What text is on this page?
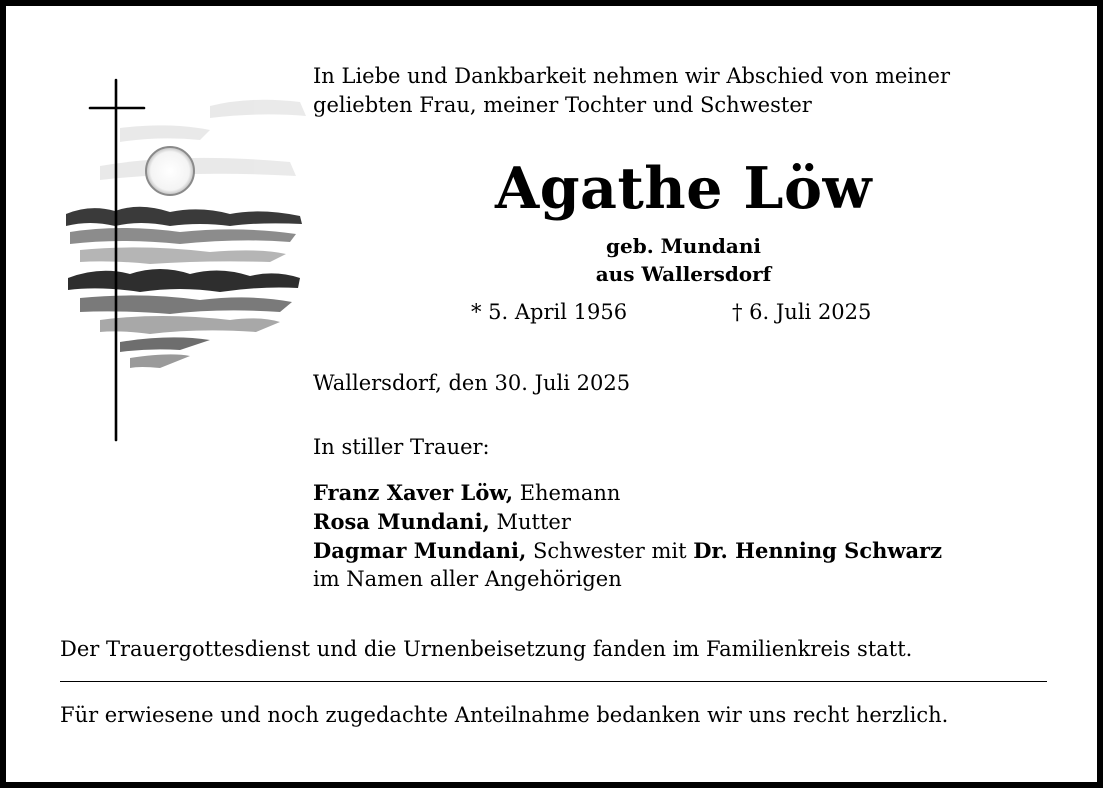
In Liebe und Dankbarkeit nehmen wir Abschied von meiner
geliebten Frau, meiner Tochter und Schwester
Agathe Löw
geb. Mundani
aus Wallersdorf
* 5. April 1956	† 6. Juli 2025
Wallersdorf, den 30. Juli 2025
In stiller Trauer:
Franz Xaver Löw, Ehemann
Rosa Mundani, Mutter
Dagmar Mundani, Schwester mit Dr. Henning Schwarz
im Namen aller Angehörigen
Der Trauergottesdienst und die Urnenbeisetzung fanden im Familienkreis statt.
Für erwiesene und noch zugedachte Anteilnahme bedanken wir uns recht herzlich.
